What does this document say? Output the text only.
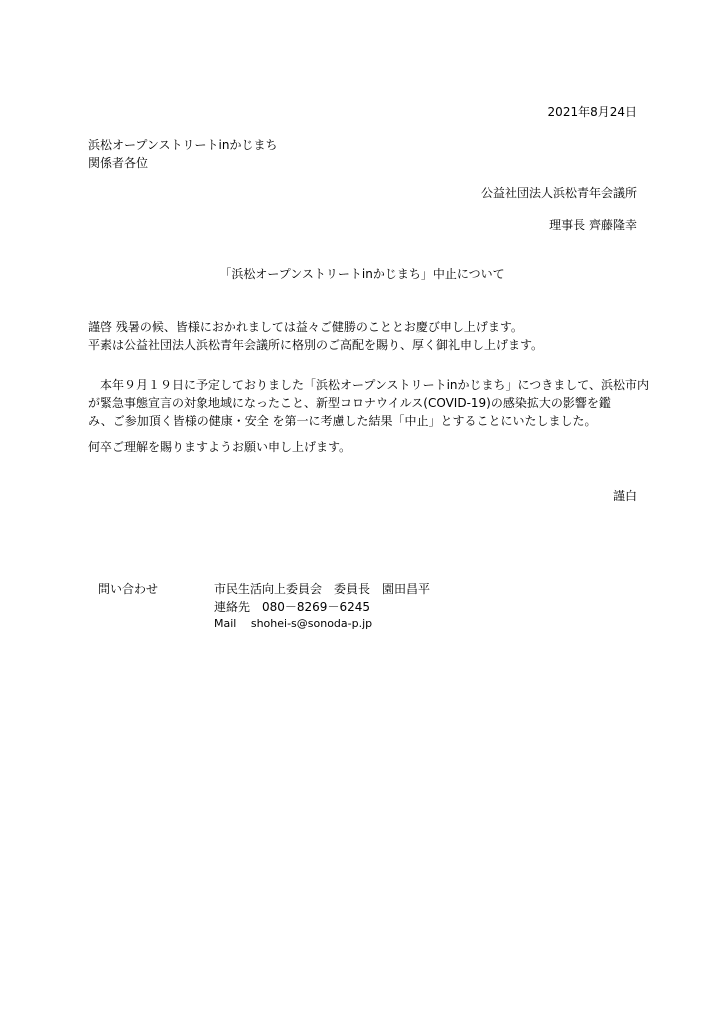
2021年8月24日
浜松オープンストリートinかじまち
関係者各位
公益社団法人浜松青年会議所
理事長 齊藤隆幸
「浜松オープンストリートinかじまち」中止について
謹啓 残暑の候、皆様におかれましては益々ご健勝のこととお慶び申し上げます。
平素は公益社団法人浜松青年会議所に格別のご高配を賜り、厚く御礼申し上げます。
　本年９月１９日に予定しておりました「浜松オープンストリートinかじまち」につきまして、浜松市内
が緊急事態宣言の対象地域になったこと、新型コロナウイルス(COVID-19)の感染拡大の影響を鑑
み、ご参加頂く皆様の健康・安全 を第一に考慮した結果「中止」とすることにいたしました。
何卒ご理解を賜りますようお願い申し上げます。
謹白
問い合わせ	市民生活向上委員会　委員長　園田昌平
連絡先　080－8269－6245
Mail　 shohei-s@sonoda-p.jp
